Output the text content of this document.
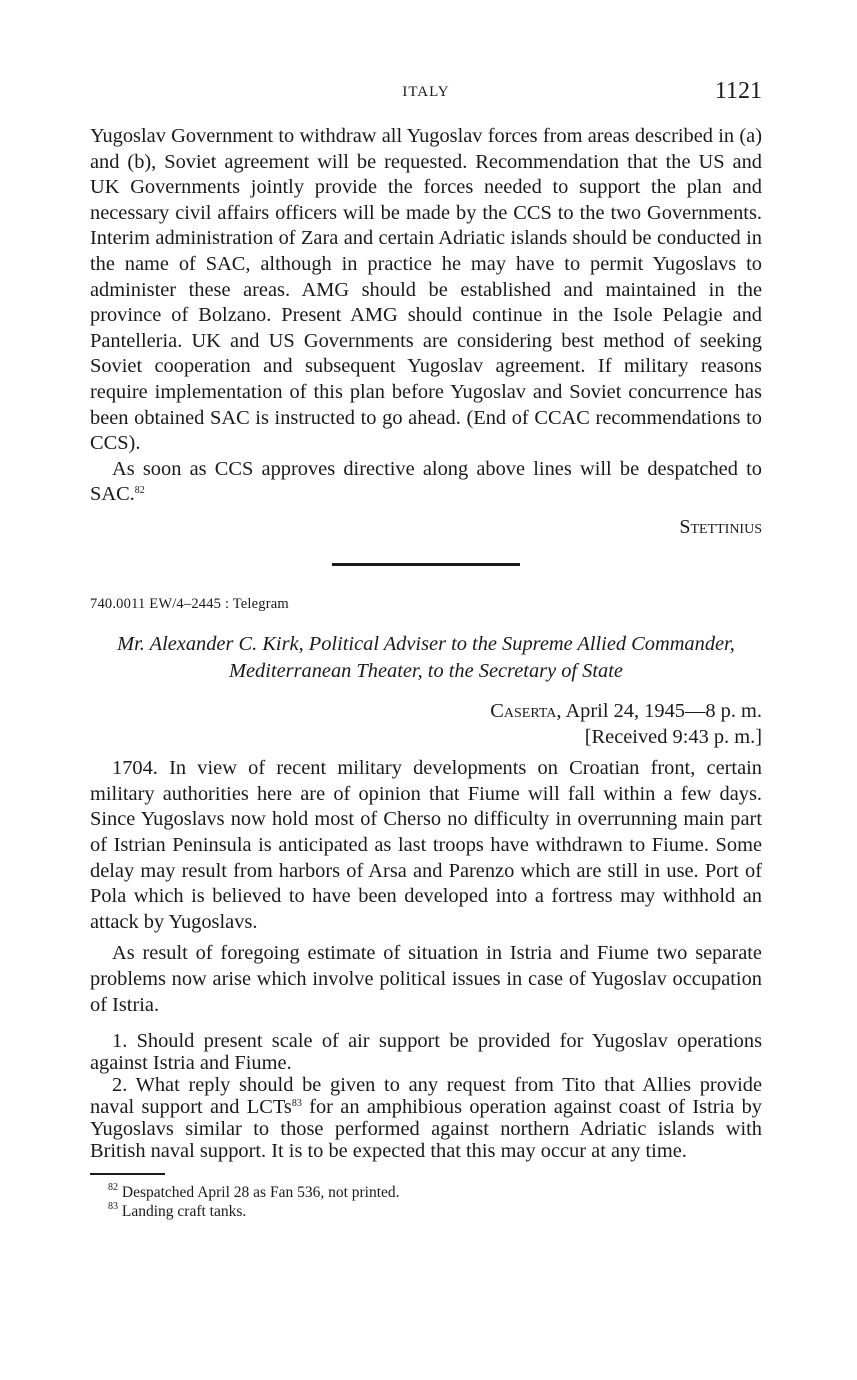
ITALY	1121

Yugoslav Government to withdraw all Yugoslav forces from areas described in (a) and (b), Soviet agreement will be requested. Recommendation that the US and UK Governments jointly provide the forces needed to support the plan and necessary civil affairs officers will be made by the CCS to the two Governments. Interim administration of Zara and certain Adriatic islands should be conducted in the name of SAC, although in practice he may have to permit Yugoslavs to administer these areas. AMG should be established and maintained in the province of Bolzano. Present AMG should continue in the Isole Pelagie and Pantelleria. UK and US Governments are considering best method of seeking Soviet cooperation and subsequent Yugoslav agreement. If military reasons require implementation of this plan before Yugoslav and Soviet concurrence has been obtained SAC is instructed to go ahead. (End of CCAC recommendations to CCS).

As soon as CCS approves directive along above lines will be despatched to SAC.$^{82}$

Stettinius
740.0011 EW/4–2445 : Telegram
Mr. Alexander C. Kirk, Political Adviser to the Supreme Allied Commander, Mediterranean Theater, to the Secretary of State
Caserta, April 24, 1945—8 p. m.
[Received 9:43 p. m.]

1704. In view of recent military developments on Croatian front, certain military authorities here are of opinion that Fiume will fall within a few days. Since Yugoslavs now hold most of Cherso no difficulty in overrunning main part of Istrian Peninsula is anticipated as last troops have withdrawn to Fiume. Some delay may result from harbors of Arsa and Parenzo which are still in use. Port of Pola which is believed to have been developed into a fortress may withhold an attack by Yugoslavs.

As result of foregoing estimate of situation in Istria and Fiume two separate problems now arise which involve political issues in case of Yugoslav occupation of Istria.

1. Should present scale of air support be provided for Yugoslav operations against Istria and Fiume.

2. What reply should be given to any request from Tito that Allies provide naval support and LCTs$^{83}$ for an amphibious operation against coast of Istria by Yugoslavs similar to those performed against northern Adriatic islands with British naval support. It is to be expected that this may occur at any time.

$^{82}$ Despatched April 28 as Fan 536, not printed.

$^{83}$ Landing craft tanks.
